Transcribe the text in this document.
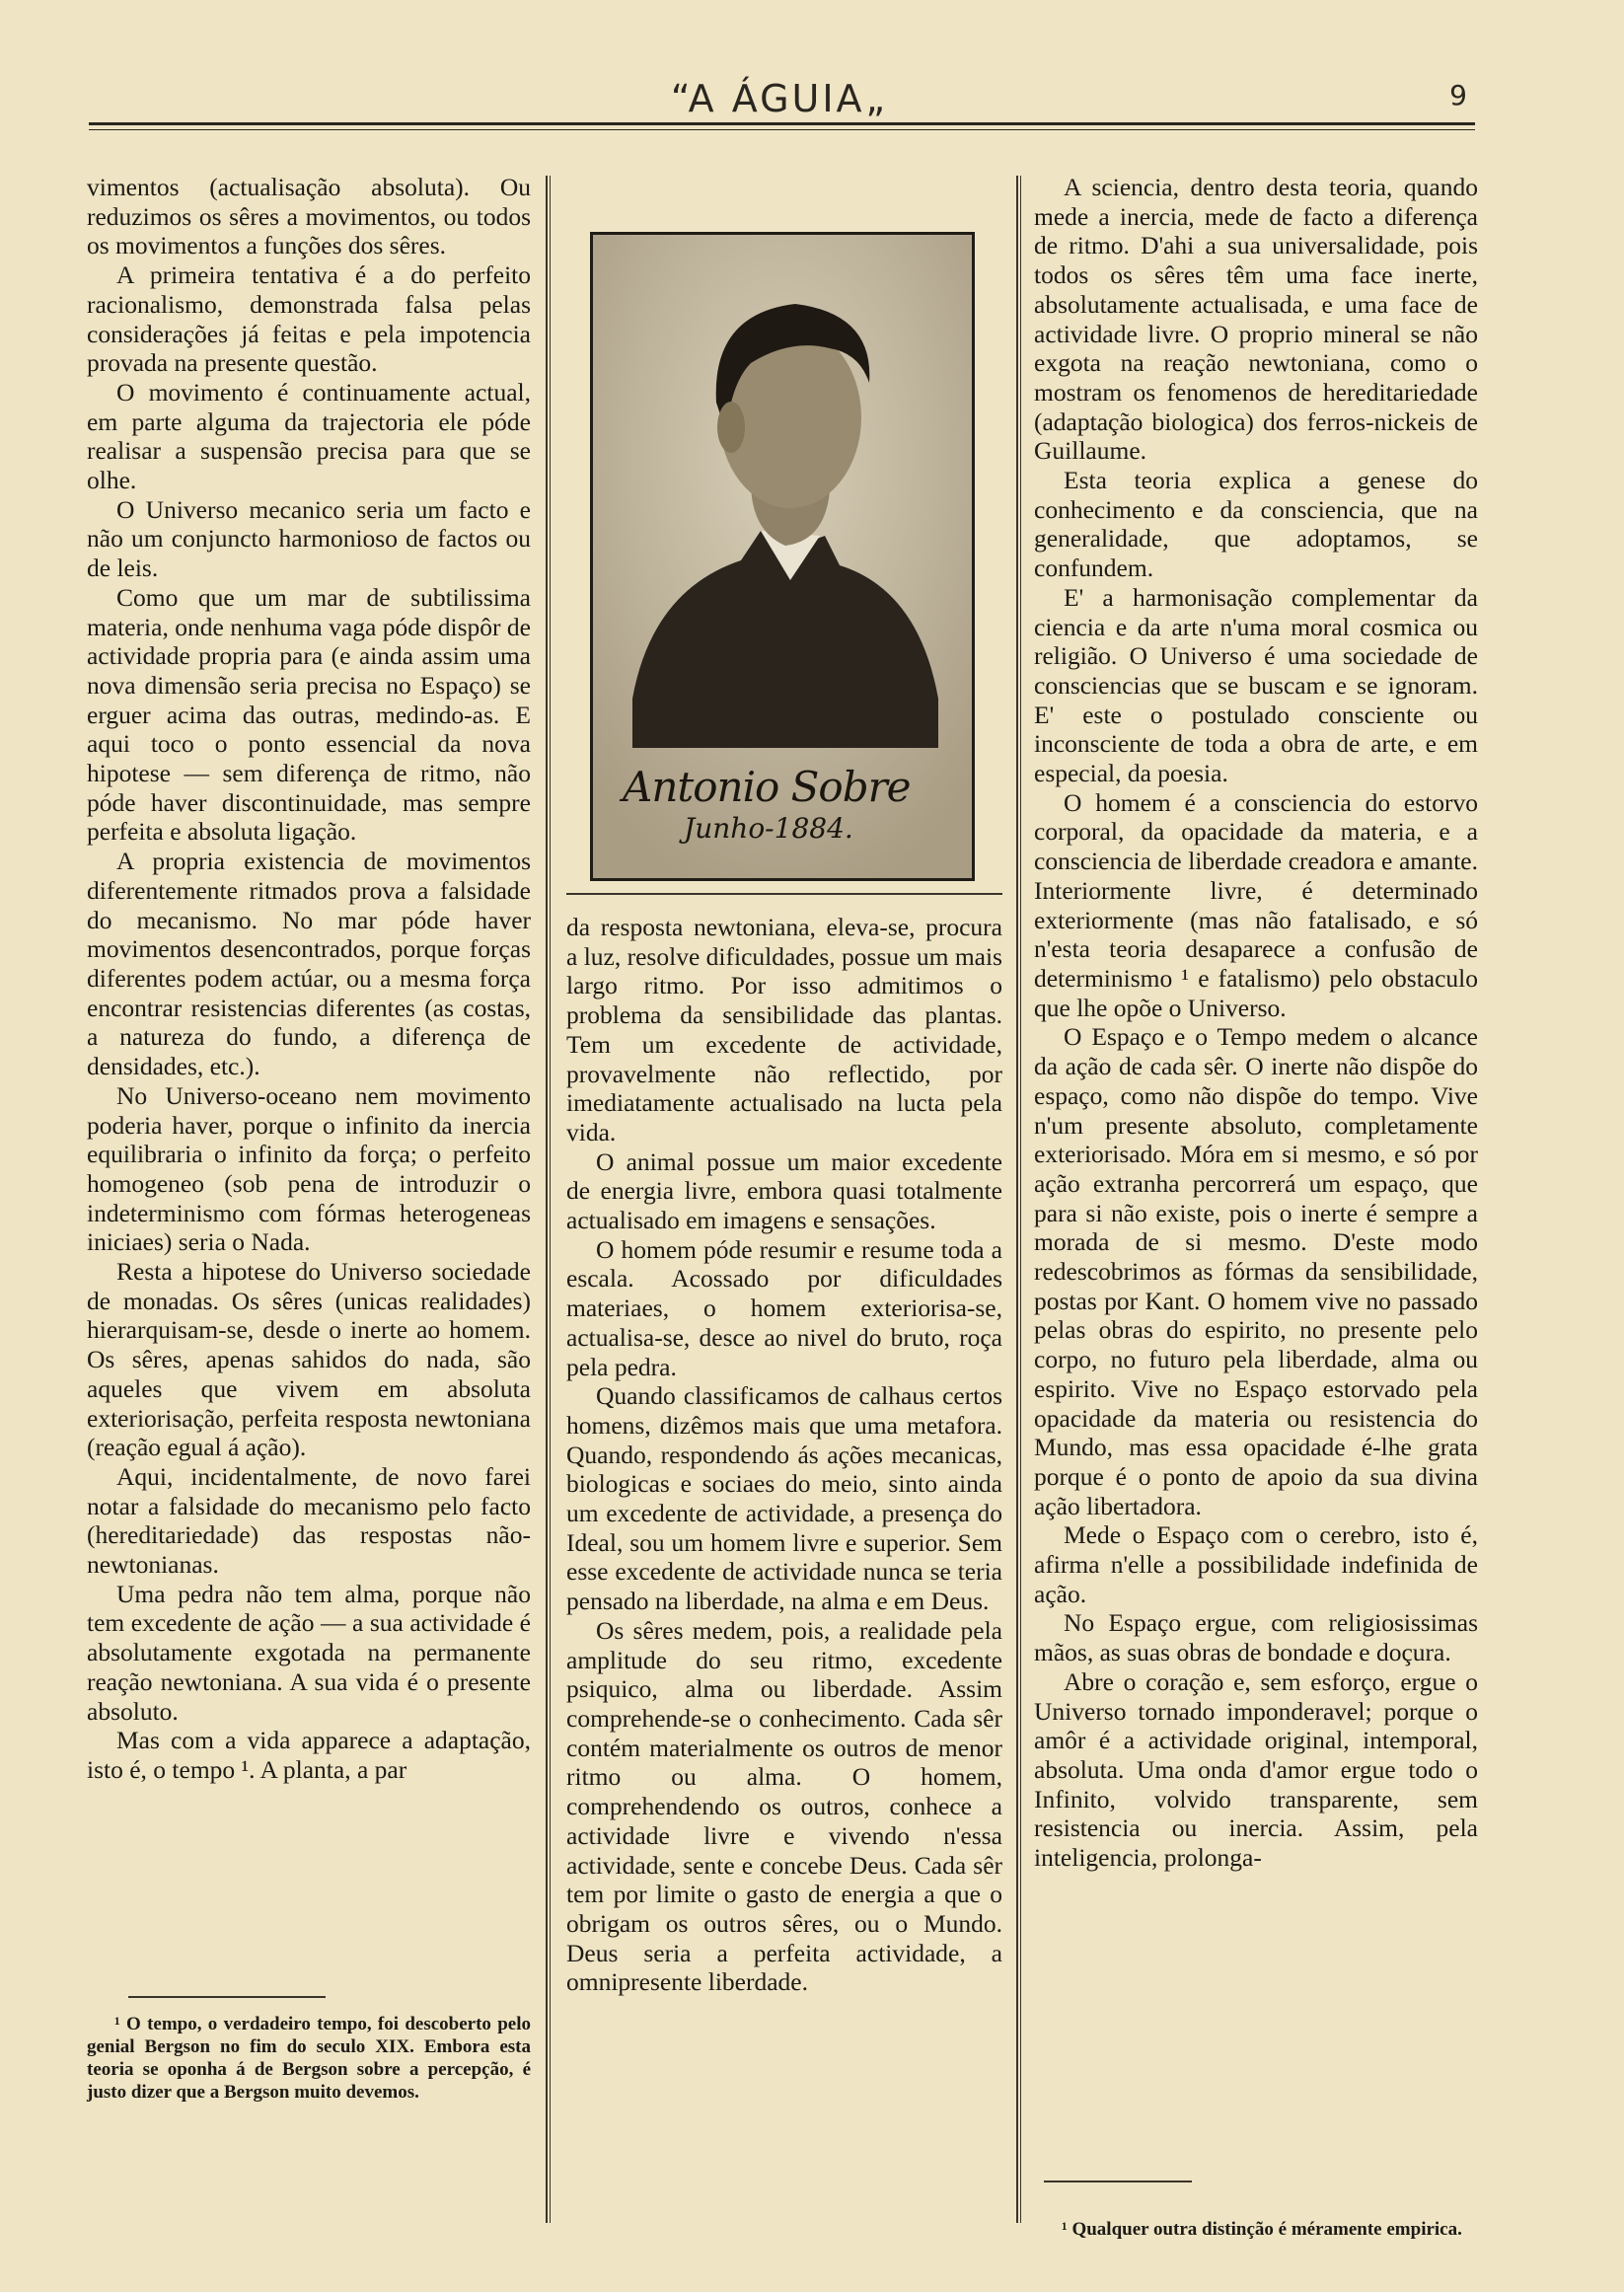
“A ÁGUIA„	9

vimentos (actualisação absoluta). Ou reduzimos os sêres a movimentos, ou todos os movimentos a funções dos sêres.

A primeira tentativa é a do perfeito racionalismo, demonstrada falsa pelas considerações já feitas e pela impotencia provada na presente questão.

O movimento é continuamente actual, em parte alguma da trajectoria ele póde realisar a suspensão precisa para que se olhe.

O Universo mecanico seria um facto e não um conjuncto harmonioso de factos ou de leis.

Como que um mar de subtilissima materia, onde nenhuma vaga póde dispôr de actividade propria para (e ainda assim uma nova dimensão seria precisa no Espaço) se erguer acima das outras, medindo-as. E aqui toco o ponto essencial da nova hipotese — sem diferença de ritmo, não póde haver discontinuidade, mas sempre perfeita e absoluta ligação.

A propria existencia de movimentos diferentemente ritmados prova a falsidade do mecanismo. No mar póde haver movimentos desencontrados, porque forças diferentes podem actúar, ou a mesma força encontrar resistencias diferentes (as costas, a natureza do fundo, a diferença de densidades, etc.).

No Universo-oceano nem movimento poderia haver, porque o infinito da inercia equilibraria o infinito da força; o perfeito homogeneo (sob pena de introduzir o indeterminismo com fórmas heterogeneas iniciaes) seria o Nada.

Resta a hipotese do Universo sociedade de monadas. Os sêres (unicas realidades) hierarquisam-se, desde o inerte ao homem. Os sêres, apenas sahidos do nada, são aqueles que vivem em absoluta exteriorisação, perfeita resposta newtoniana (reação egual á ação).

Aqui, incidentalmente, de novo farei notar a falsidade do mecanismo pelo facto (hereditariedade) das respostas não-newtonianas.

Uma pedra não tem alma, porque não tem excedente de ação — a sua actividade é absolutamente exgotada na permanente reação newtoniana. A sua vida é o presente absoluto.

Mas com a vida apparece a adaptação, isto é, o tempo ¹. A planta, a par

Antonio Sobre
Junho-1884.

da resposta newtoniana, eleva-se, procura a luz, resolve dificuldades, possue um mais largo ritmo. Por isso admitimos o problema da sensibilidade das plantas. Tem um excedente de actividade, provavelmente não reflectido, por imediatamente actualisado na lucta pela vida.

O animal possue um maior excedente de energia livre, embora quasi totalmente actualisado em imagens e sensações.

O homem póde resumir e resume toda a escala. Acossado por dificuldades materiaes, o homem exteriorisa-se, actualisa-se, desce ao nivel do bruto, roça pela pedra.

Quando classificamos de calhaus certos homens, dizêmos mais que uma metafora. Quando, respondendo ás ações mecanicas, biologicas e sociaes do meio, sinto ainda um excedente de actividade, a presença do Ideal, sou um homem livre e superior. Sem esse excedente de actividade nunca se teria pensado na liberdade, na alma e em Deus.

Os sêres medem, pois, a realidade pela amplitude do seu ritmo, excedente psiquico, alma ou liberdade. Assim comprehende-se o conhecimento. Cada sêr contém materialmente os outros de menor ritmo ou alma. O homem, comprehendendo os outros, conhece a actividade livre e vivendo n'essa actividade, sente e concebe Deus. Cada sêr tem por limite o gasto de energia a que o obrigam os outros sêres, ou o Mundo. Deus seria a perfeita actividade, a omnipresente liberdade.

A sciencia, dentro desta teoria, quando mede a inercia, mede de facto a diferença de ritmo. D'ahi a sua universalidade, pois todos os sêres têm uma face inerte, absolutamente actualisada, e uma face de actividade livre. O proprio mineral se não exgota na reação newtoniana, como o mostram os fenomenos de hereditariedade (adaptação biologica) dos ferros-nickeis de Guillaume.

Esta teoria explica a genese do conhecimento e da consciencia, que na generalidade, que adoptamos, se confundem.

E' a harmonisação complementar da ciencia e da arte n'uma moral cosmica ou religião. O Universo é uma sociedade de consciencias que se buscam e se ignoram. E' este o postulado consciente ou inconsciente de toda a obra de arte, e em especial, da poesia.

O homem é a consciencia do estorvo corporal, da opacidade da materia, e a consciencia de liberdade creadora e amante. Interiormente livre, é determinado exteriormente (mas não fatalisado, e só n'esta teoria desaparece a confusão de determinismo ¹ e fatalismo) pelo obstaculo que lhe opõe o Universo.

O Espaço e o Tempo medem o alcance da ação de cada sêr. O inerte não dispõe do espaço, como não dispõe do tempo. Vive n'um presente absoluto, completamente exteriorisado. Móra em si mesmo, e só por ação extranha percorrerá um espaço, que para si não existe, pois o inerte é sempre a morada de si mesmo. D'este modo redescobrimos as fórmas da sensibilidade, postas por Kant. O homem vive no passado pelas obras do espirito, no presente pelo corpo, no futuro pela liberdade, alma ou espirito. Vive no Espaço estorvado pela opacidade da materia ou resistencia do Mundo, mas essa opacidade é-lhe grata porque é o ponto de apoio da sua divina ação libertadora.

Mede o Espaço com o cerebro, isto é, afirma n'elle a possibilidade indefinida de ação.

No Espaço ergue, com religiosissimas mãos, as suas obras de bondade e doçura.

Abre o coração e, sem esforço, ergue o Universo tornado imponderavel; porque o amôr é a actividade original, intemporal, absoluta. Uma onda d'amor ergue todo o Infinito, volvido transparente, sem resistencia ou inercia. Assim, pela inteligencia, prolonga-

¹ O tempo, o verdadeiro tempo, foi descoberto pelo genial Bergson no fim do seculo XIX. Embora esta teoria se oponha á de Bergson sobre a percepção, é justo dizer que a Bergson muito devemos.

¹ Qualquer outra distinção é méramente empirica.
